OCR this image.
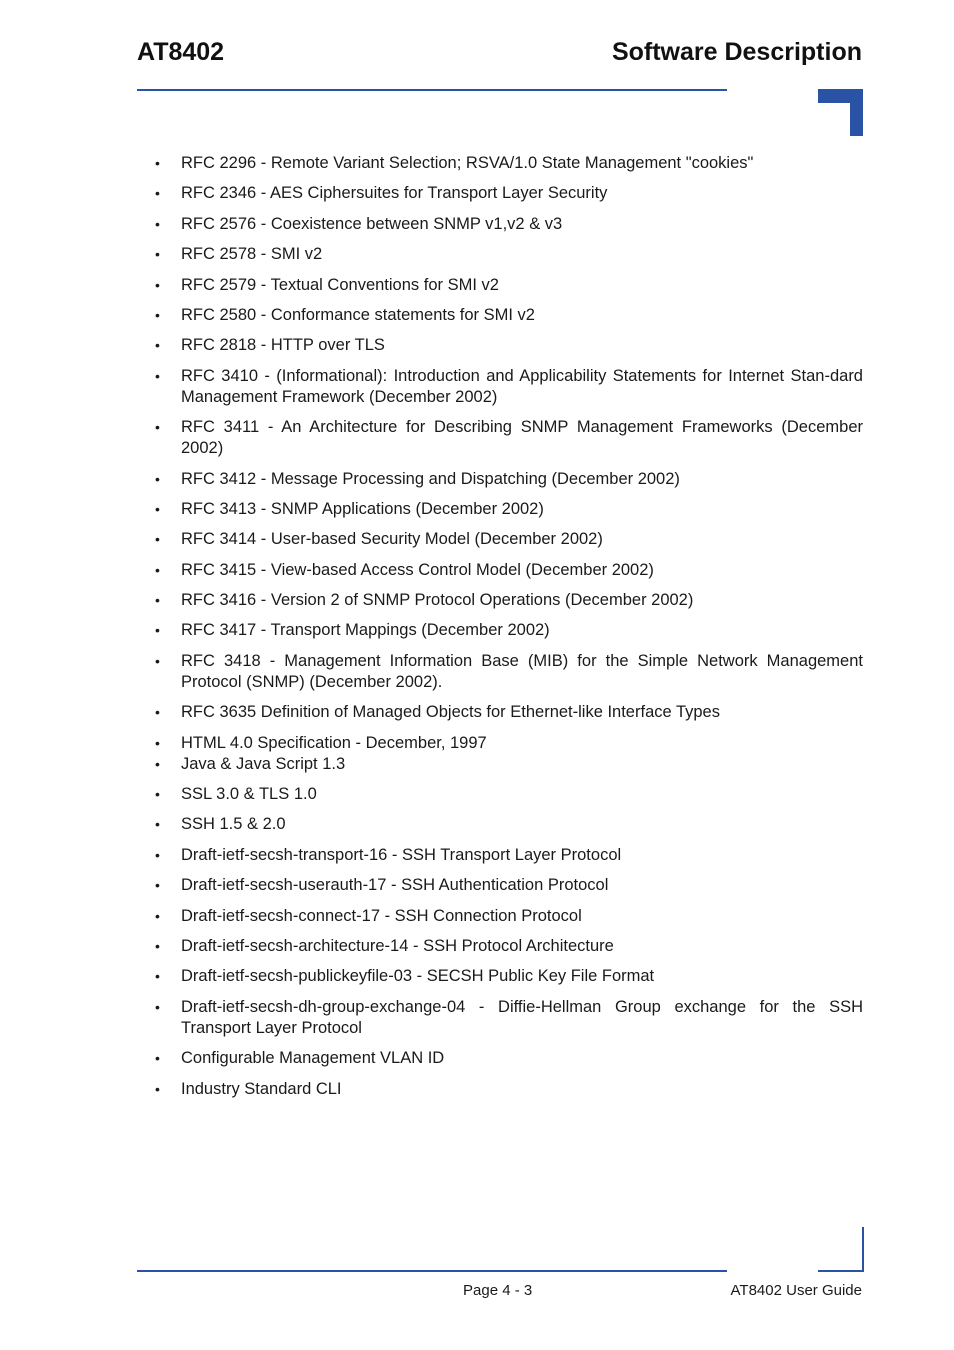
AT8402	Software Description
•	RFC 2296 - Remote Variant Selection; RSVA/1.0 State Management "cookies"
•	RFC 2346 - AES Ciphersuites for Transport Layer Security
•	RFC 2576 - Coexistence between SNMP v1,v2 & v3
•	RFC 2578 - SMI v2
•	RFC 2579 - Textual Conventions for SMI v2
•	RFC 2580 - Conformance statements for SMI v2
•	RFC 2818 - HTTP over TLS
•	RFC 3410 - (Informational): Introduction and Applicability Statements for Internet Stan-dard Management Framework (December 2002)
•	RFC 3411 - An Architecture for Describing SNMP Management Frameworks (December 2002)
•	RFC 3412 - Message Processing and Dispatching (December 2002)
•	RFC 3413 - SNMP Applications (December 2002)
•	RFC 3414 - User-based Security Model (December 2002)
•	RFC 3415 - View-based Access Control Model (December 2002)
•	RFC 3416 - Version 2 of SNMP Protocol Operations (December 2002)
•	RFC 3417 - Transport Mappings (December 2002)
•	RFC 3418 - Management Information Base (MIB) for the Simple Network Management Protocol (SNMP) (December 2002).
•	RFC 3635 Definition of Managed Objects for Ethernet-like Interface Types
•	HTML 4.0 Specification - December, 1997
•	Java & Java Script 1.3
•	SSL 3.0 & TLS 1.0
•	SSH 1.5 & 2.0
•	Draft-ietf-secsh-transport-16 - SSH Transport Layer Protocol
•	Draft-ietf-secsh-userauth-17 - SSH Authentication Protocol
•	Draft-ietf-secsh-connect-17 - SSH Connection Protocol
•	Draft-ietf-secsh-architecture-14 - SSH Protocol Architecture
•	Draft-ietf-secsh-publickeyfile-03 - SECSH Public Key File Format
•	Draft-ietf-secsh-dh-group-exchange-04 - Diffie-Hellman Group exchange for the SSH Transport Layer Protocol
•	Configurable Management VLAN ID
•	Industry Standard CLI
Page 4 - 3	AT8402 User Guide
